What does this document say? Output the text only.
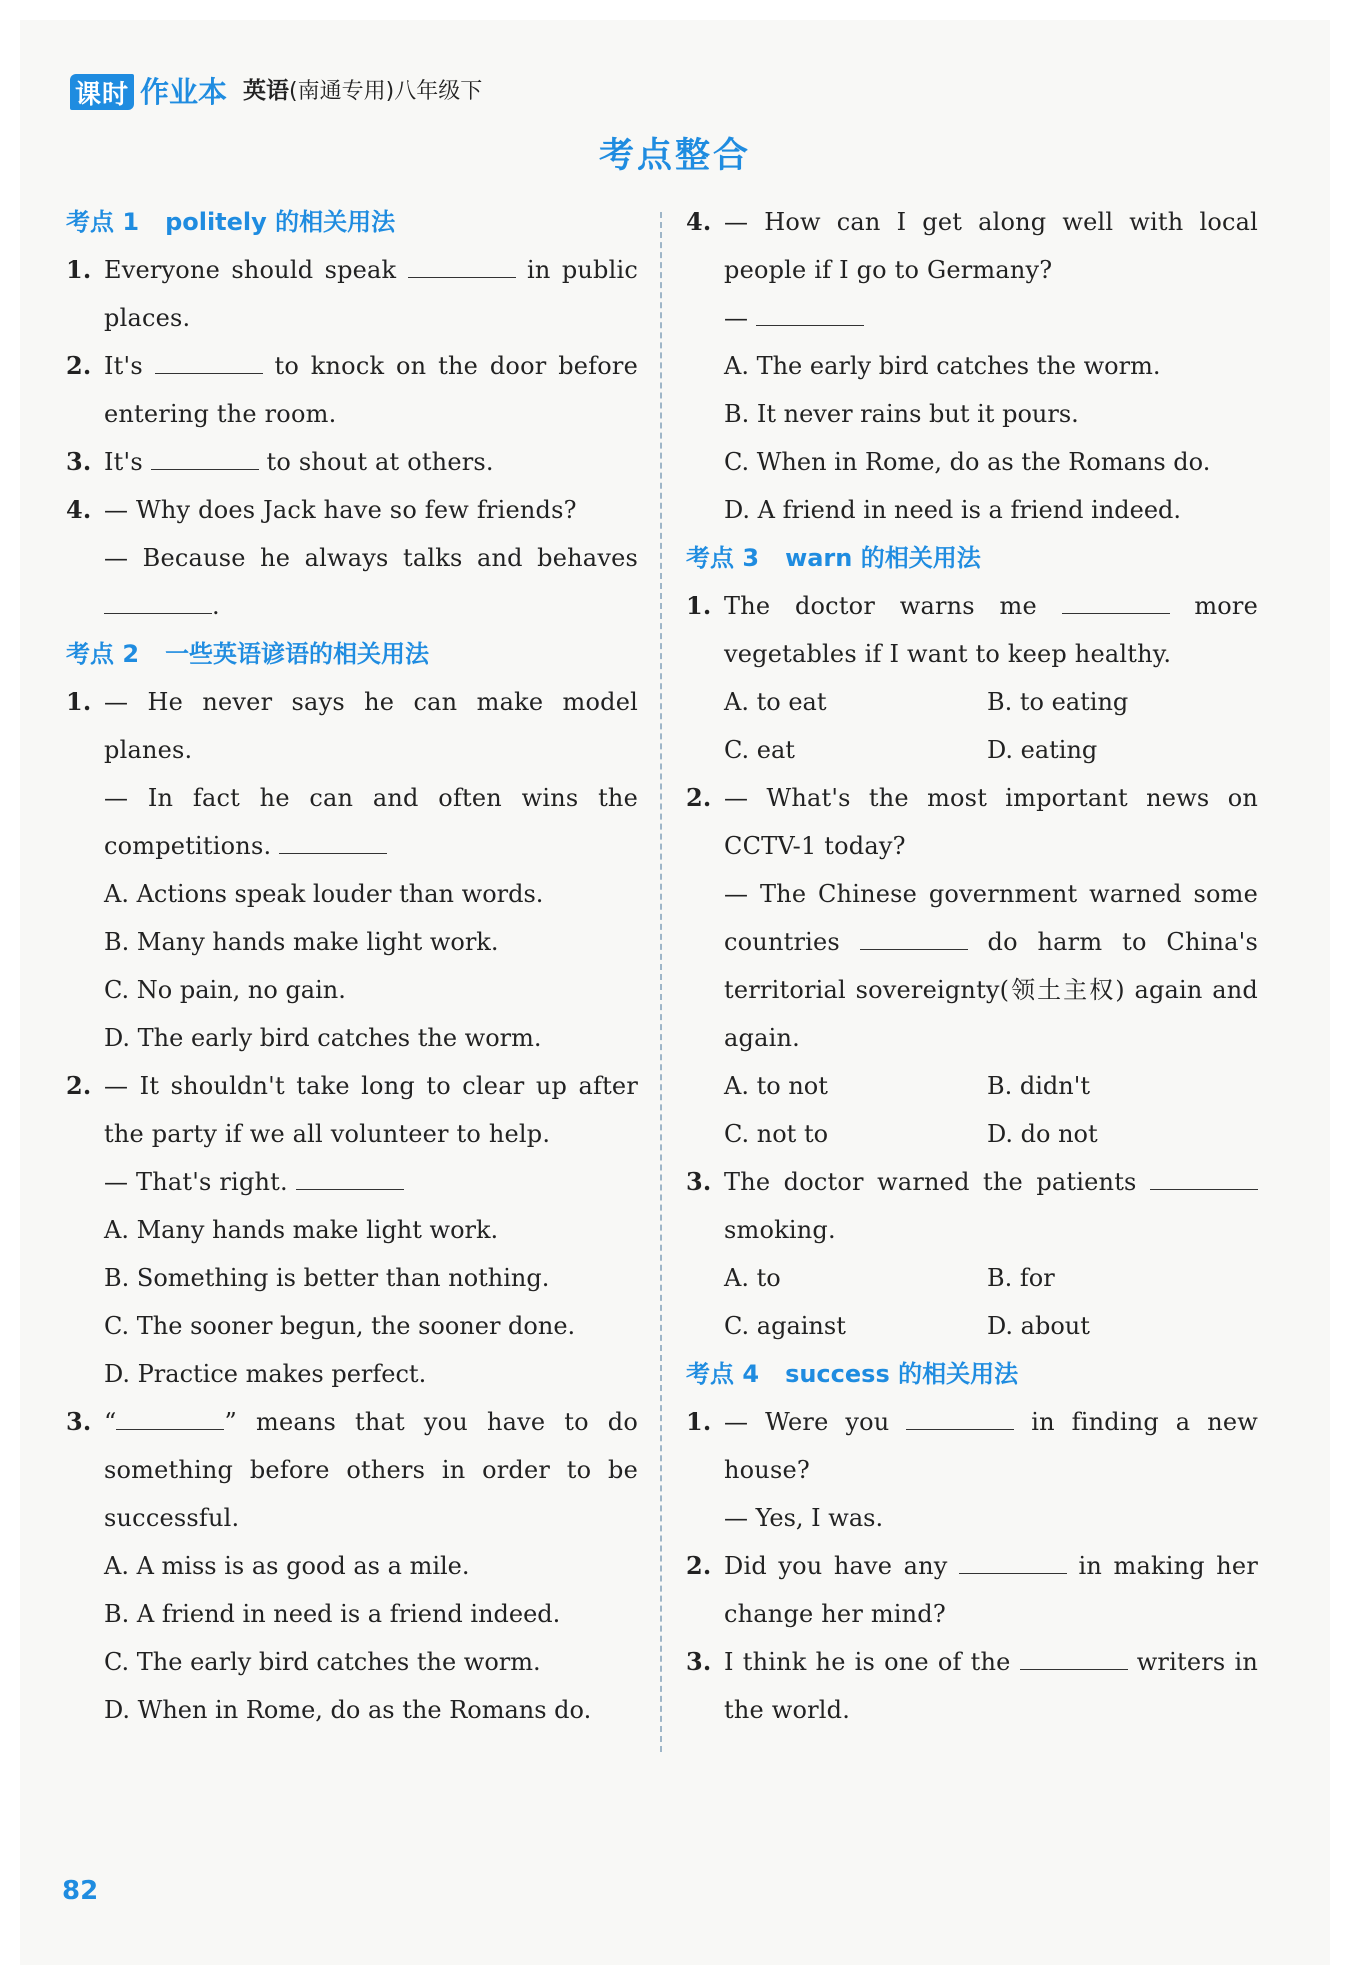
课时 作业本 英语(南通专用)八年级下
考点整合
考点 1 politely 的相关用法
1. Everyone should speak	in public places.
2. It's	to knock on the door before entering the room.
3. It's	to shout at others.
4. — Why does Jack have so few friends?
— Because he always talks and behaves .
考点 2 一些英语谚语的相关用法
1. — He never says he can make model planes.
— In fact he can and often wins the competitions.
A. Actions speak louder than words.
B. Many hands make light work.
C. No pain, no gain.
D. The early bird catches the worm.
2. — It shouldn't take long to clear up after the party if we all volunteer to help.
— That's right.
A. Many hands make light work.
B. Something is better than nothing.
C. The sooner begun, the sooner done.
D. Practice makes perfect.
3. “	” means that you have to do something before others in order to be successful.
A. A miss is as good as a mile.
B. A friend in need is a friend indeed.
C. The early bird catches the worm.
D. When in Rome, do as the Romans do.
4. — How can I get along well with local people if I go to Germany?
—
A. The early bird catches the worm.
B. It never rains but it pours.
C. When in Rome, do as the Romans do.
D. A friend in need is a friend indeed.
考点 3 warn 的相关用法
1. The doctor warns me	more vegetables if I want to keep healthy.
A. to eat	B. to eating
C. eat	D. eating
2. — What's the most important news on CCTV-1 today?
— The Chinese government warned some countries	do harm to China's territorial sovereignty(领土主权) again and again.
A. to not	B. didn't
C. not to	D. do not
3. The doctor warned the patients  smoking.
A. to	B. for
C. against	D. about
考点 4 success 的相关用法
1. — Were you	in finding a new house?
— Yes, I was.
2. Did you have any	in making her change her mind?
3. I think he is one of the	writers in the world.
82
